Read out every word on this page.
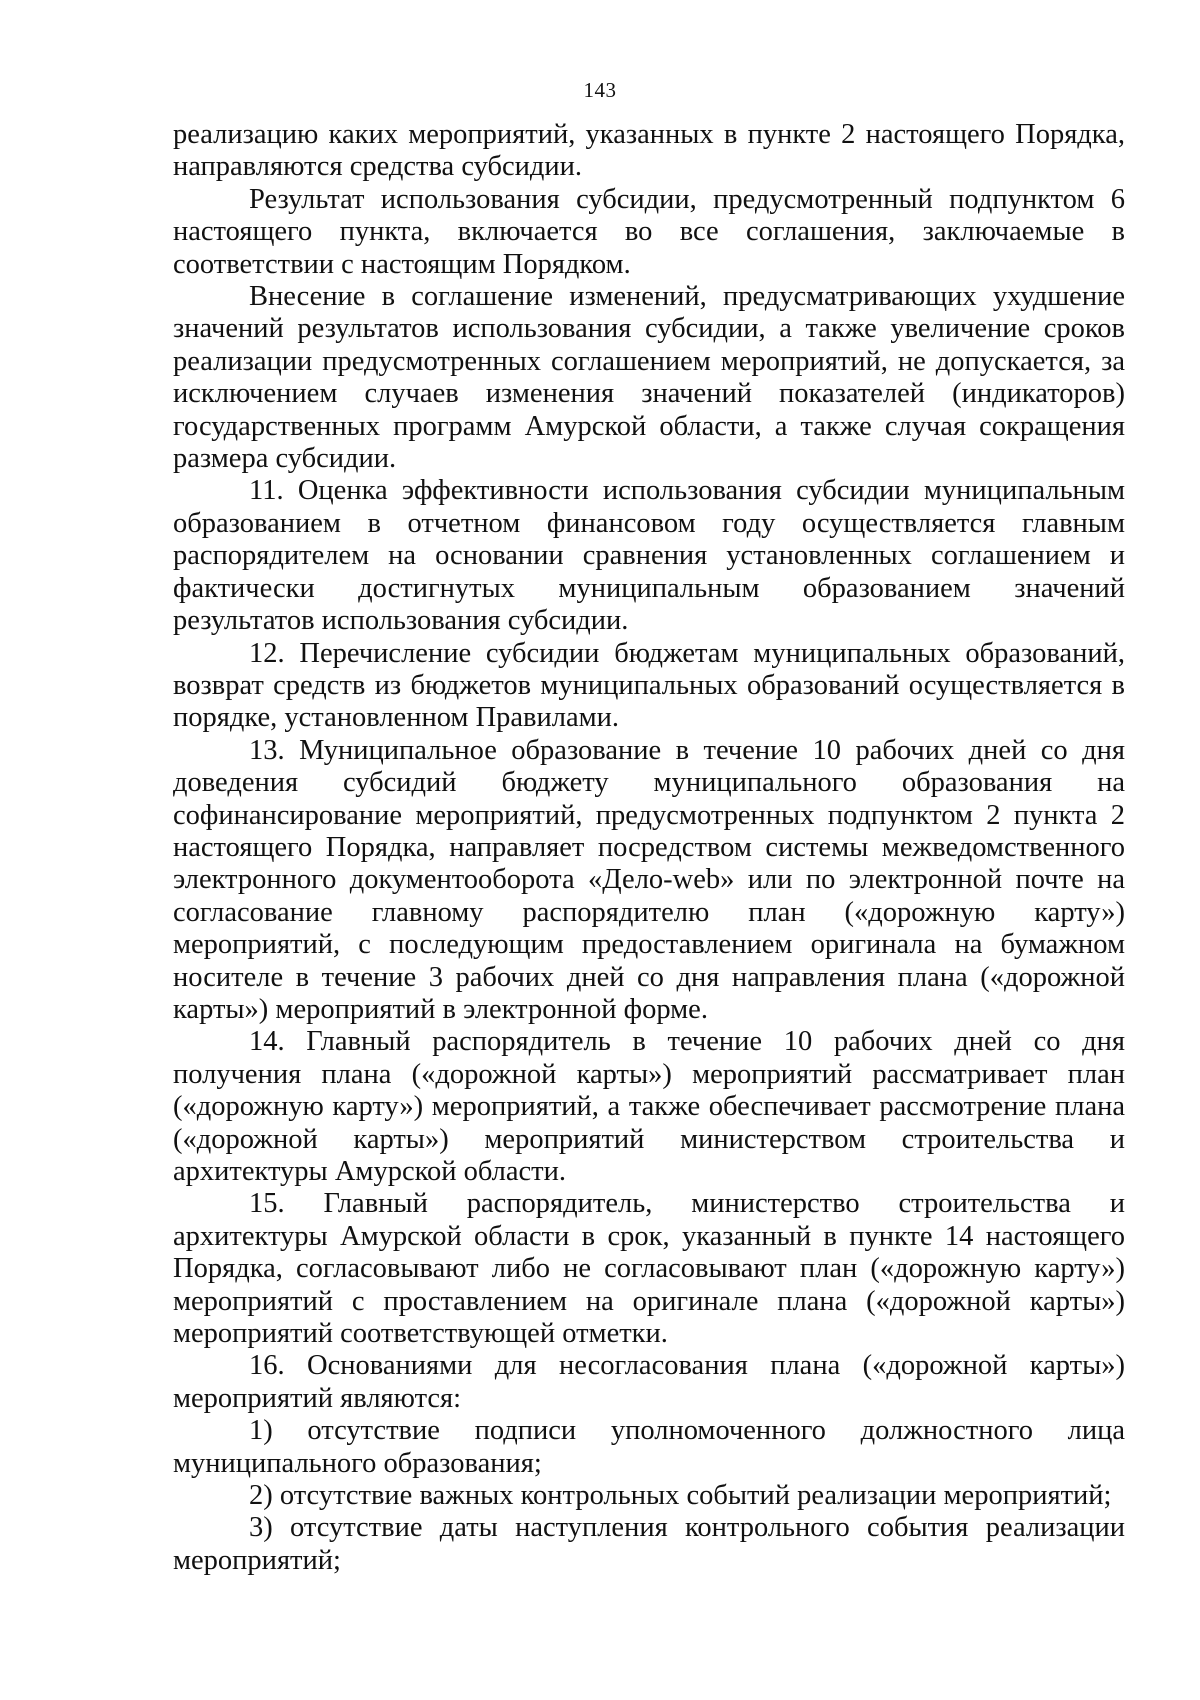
143

реализацию каких мероприятий, указанных в пункте 2 настоящего Порядка, направляются средства субсидии.

Результат использования субсидии, предусмотренный подпунктом 6 настоящего пункта, включается во все соглашения, заключаемые в соответствии с настоящим Порядком.

Внесение в соглашение изменений, предусматривающих ухудшение значений результатов использования субсидии, а также увеличение сроков реализации предусмотренных соглашением мероприятий, не допускается, за исключением случаев изменения значений показателей (индикаторов) государственных программ Амурской области, а также случая сокращения размера субсидии.

11. Оценка эффективности использования субсидии муниципальным образованием в отчетном финансовом году осуществляется главным распорядителем на основании сравнения установленных соглашением и фактически достигнутых муниципальным образованием значений результатов использования субсидии.

12. Перечисление субсидии бюджетам муниципальных образований, возврат средств из бюджетов муниципальных образований осуществляется в порядке, установленном Правилами.

13. Муниципальное образование в течение 10 рабочих дней со дня доведения субсидий бюджету муниципального образования на софинансирование мероприятий, предусмотренных подпунктом 2 пункта 2 настоящего Порядка, направляет посредством системы межведомственного электронного документооборота «Дело-web» или по электронной почте на согласование главному распорядителю план («дорожную карту») мероприятий, с последующим предоставлением оригинала на бумажном носителе в течение 3 рабочих дней со дня направления плана («дорожной карты») мероприятий в электронной форме.

14. Главный распорядитель в течение 10 рабочих дней со дня получения плана («дорожной карты») мероприятий рассматривает план («дорожную карту») мероприятий, а также обеспечивает рассмотрение плана («дорожной карты») мероприятий министерством строительства и архитектуры Амурской области.

15. Главный распорядитель, министерство строительства и архитектуры Амурской области в срок, указанный в пункте 14 настоящего Порядка, согласовывают либо не согласовывают план («дорожную карту») мероприятий с проставлением на оригинале плана («дорожной карты») мероприятий соответствующей отметки.

16. Основаниями для несогласования плана («дорожной карты») мероприятий являются:

1) отсутствие подписи уполномоченного должностного лица муниципального образования;

2) отсутствие важных контрольных событий реализации мероприятий;

3) отсутствие даты наступления контрольного события реализации мероприятий;
